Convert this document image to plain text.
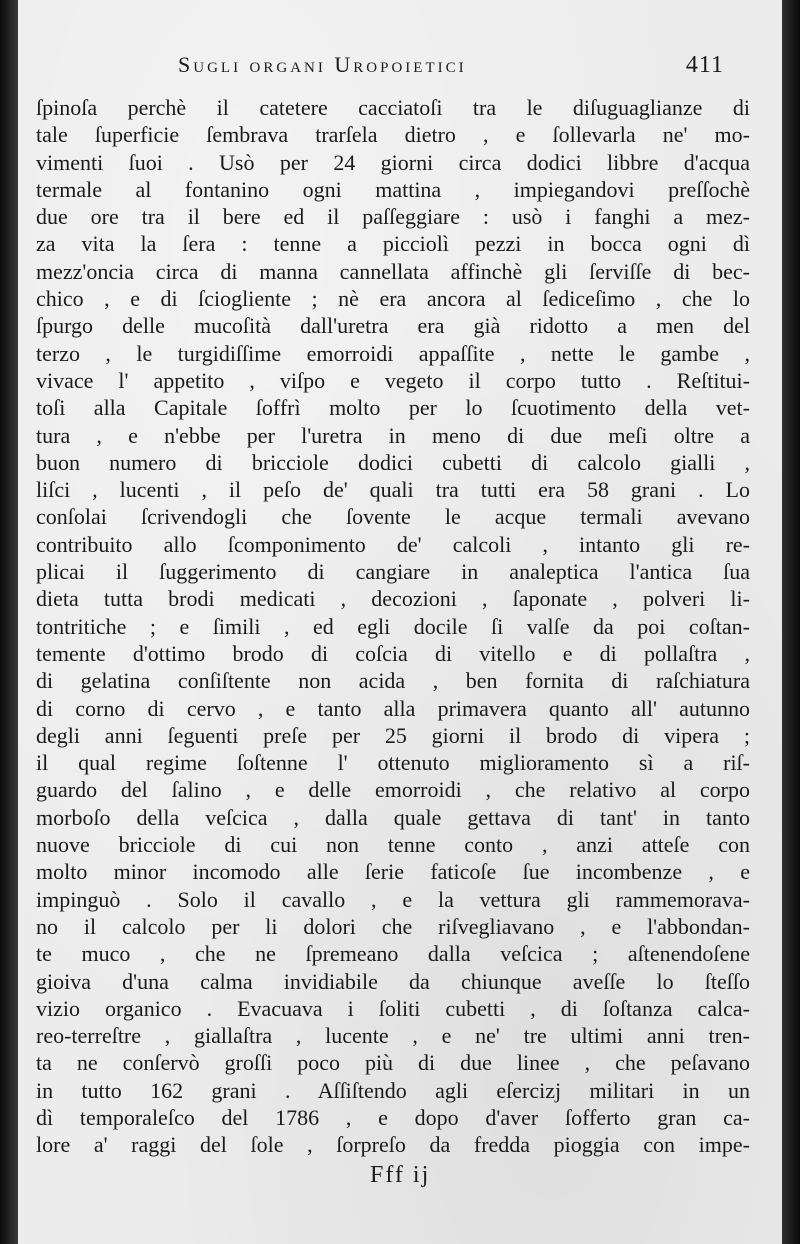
Sugli organi Uropoietici	411
ſpinoſa perchè il catetere cacciatoſi tra le diſuguaglianze di
tale ſuperficie ſembrava trarſela dietro , e ſollevarla ne' mo-
vimenti ſuoi . Usò per 24 giorni circa dodici libbre d'acqua
termale al fontanino ogni mattina , impiegandovi preſſochè
due ore tra il bere ed il paſſeggiare : usò i fanghi a mez-
za vita la ſera : tenne a picciolì pezzi in bocca ogni dì
mezz'oncia circa di manna cannellata affinchè gli ſerviſſe di bec-
chico , e di ſciogliente ; nè era ancora al ſediceſimo , che lo
ſpurgo delle mucoſità dall'uretra era già ridotto a men del
terzo , le turgidiſſime emorroidi appaſſite , nette le gambe ,
vivace l' appetito , viſpo e vegeto il corpo tutto . Reſtitui-
toſi alla Capitale ſoffrì molto per lo ſcuotimento della vet-
tura , e n'ebbe per l'uretra in meno di due meſi oltre a
buon numero di bricciole dodici cubetti di calcolo gialli ,
liſci , lucenti , il peſo de' quali tra tutti era 58 grani . Lo
conſolai ſcrivendogli che ſovente le acque termali avevano
contribuito allo ſcomponimento de' calcoli , intanto gli re-
plicai il ſuggerimento di cangiare in analeptica l'antica ſua
dieta tutta brodi medicati , decozioni , ſaponate , polveri li-
tontritiche ; e ſimili , ed egli docile ſi valſe da poi coſtan-
temente d'ottimo brodo di coſcia di vitello e di pollaſtra ,
di gelatina conſiſtente non acida , ben fornita di raſchiatura
di corno di cervo , e tanto alla primavera quanto all' autunno
degli anni ſeguenti preſe per 25 giorni il brodo di vipera ;
il qual regime ſoſtenne l' ottenuto miglioramento sì a riſ-
guardo del ſalino , e delle emorroidi , che relativo al corpo
morboſo della veſcica , dalla quale gettava di tant' in tanto
nuove bricciole di cui non tenne conto , anzi atteſe con
molto minor incomodo alle ſerie faticoſe ſue incombenze , e
impinguò . Solo il cavallo , e la vettura gli rammemorava-
no il calcolo per li dolori che riſvegliavano , e l'abbondan-
te muco , che ne ſpremeano dalla veſcica ; aſtenendoſene
gioiva d'una calma invidiabile da chiunque aveſſe lo ſteſſo
vizio organico . Evacuava i ſoliti cubetti , di ſoſtanza calca-
reo-terreſtre , giallaſtra , lucente , e ne' tre ultimi anni tren-
ta ne conſervò groſſi poco più di due linee , che peſavano
in tutto 162 grani . Aſſiſtendo agli eſercizj militari in un
dì temporaleſco del 1786 , e dopo d'aver ſofferto gran ca-
lore a' raggi del ſole , ſorpreſo da fredda pioggia con impe-
Fff ij
